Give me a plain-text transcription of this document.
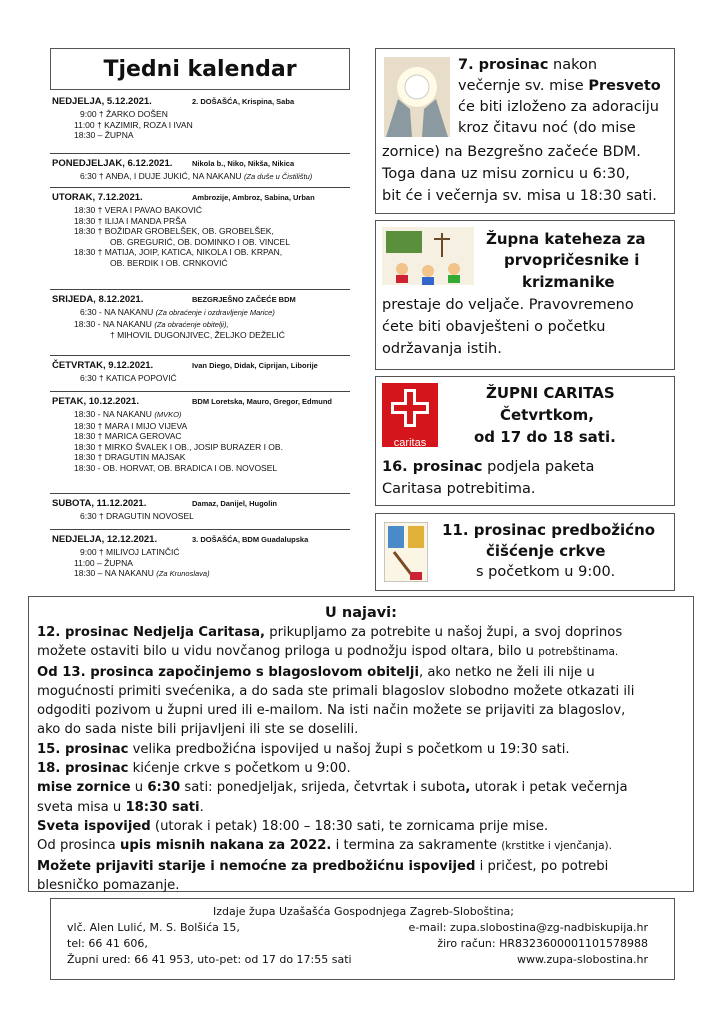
Tjedni kalendar
NEDJELJA, 5.12.2021.	2. DOŠAŠĆA, Krispina, Saba
9:00 † ŽARKO DOŠEN
11:00 † KAZIMIR, ROZA I IVAN
18:30 – ŽUPNA
PONEDJELJAK, 6.12.2021.	Nikola b., Niko, Nikša, Nikica
6:30 † ANĐA, I DUJE JUKIĆ, NA NAKANU (Za duše u Čistilištu)
UTORAK, 7.12.2021.	Ambrozije, Ambroz, Sabina, Urban
18:30 † VERA I PAVAO BAKOVIĆ
18:30 † ILIJA I MANDA PRŠA
18:30 † BOŽIDAR GROBELŠEK, OB. GROBELŠEK,
OB. GREGURIĆ, OB. DOMINKO I OB. VINCEL
18:30 † MATIJA, JOIP, KATICA, NIKOLA I OB. KRPAN,
OB. BERDIK I OB. CRNKOVIĆ
SRIJEDA, 8.12.2021.	BEZGRJEŠNO ZAČEĆE BDM
6:30 - NA NAKANU (Za obraćenje i ozdravljenje Marice)
18:30 - NA NAKANU (Za obraćenje obitelji),
† MIHOVIL DUGONJIVEC, ŽELJKO DEŽELIĆ
ČETVRTAK, 9.12.2021.	Ivan Diego, Didak, Ciprijan, Liborije
6:30 † KATICA POPOVIĆ
PETAK, 10.12.2021.	BDM Loretska, Mauro, Gregor, Edmund
18:30 - NA NAKANU (MVKO)
18:30 † MARA I MIJO VIJEVA
18:30 † MARICA GEROVAC
18:30 † MIRKO ŠVALEK I OB., JOSIP BURAZER I OB.
18:30 † DRAGUTIN MAJSAK
18:30 - OB. HORVAT, OB. BRADICA I OB. NOVOSEL
SUBOTA, 11.12.2021.	Damaz, Danijel, Hugolin
6:30 † DRAGUTIN NOVOSEL
NEDJELJA, 12.12.2021.	3. DOŠAŠĆA, BDM Guadalupska
9:00 † MILIVOJ LATINČIĆ
11:00 – ŽUPNA
18:30 – NA NAKANU (Za Krunoslava)
7. prosinac nakon
večernje sv. mise Presveto
će biti izloženo za adoraciju
kroz čitavu noć (do mise
zornice) na Bezgrešno začeće BDM.
Toga dana uz misu zornicu u 6:30,
bit će i večernja sv. misa u 18:30 sati.
Župna kateheza za
prvopričesnike i
krizmanike
prestaje do veljače. Pravovremeno
ćete biti obavješteni o početku
održavanja istih.
caritas
ŽUPNI CARITAS
Četvrtkom,
od 17 do 18 sati.
16. prosinac podjela paketa
Caritasa potrebitima.
11. prosinac predbožićno
čišćenje crkve
s početkom u 9:00.
U najavi:
12. prosinac Nedjelja Caritasa, prikupljamo za potrebite u našoj župi, a svoj doprinos
možete ostaviti bilo u vidu novčanog priloga u podnožju ispod oltara, bilo u potrebštinama.
Od 13. prosinca započinjemo s blagoslovom obitelji, ako netko ne želi ili nije u
mogućnosti primiti svećenika, a do sada ste primali blagoslov slobodno možete otkazati ili
odgoditi pozivom u župni ured ili e-mailom. Na isti način možete se prijaviti za blagoslov,
ako do sada niste bili prijavljeni ili ste se doselili.
15. prosinac velika predbožićna ispovijed u našoj župi s početkom u 19:30 sati.
18. prosinac kićenje crkve s početkom u 9:00.
mise zornice u 6:30 sati: ponedjeljak, srijeda, četvrtak i subota, utorak i petak večernja
sveta misa u 18:30 sati.
Sveta ispovijed (utorak i petak) 18:00 – 18:30 sati, te zornicama prije mise.
Od prosinca upis misnih nakana za 2022. i termina za sakramente (krstitke i vjenčanja).
Možete prijaviti starije i nemoćne za predbožićnu ispovijed i pričest, po potrebi
blesničko pomazanje.
Izdaje župa Uzašašća Gospodnjega Zagreb-Sloboština;
vlč. Alen Lulić, M. S. Bolšića 15,
tel: 66 41 606,
Župni ured: 66 41 953, uto-pet: od 17 do 17:55 sati
e-mail: zupa.slobostina@zg-nadbiskupija.hr
žiro račun: HR8323600001101578988
www.zupa-slobostina.hr
